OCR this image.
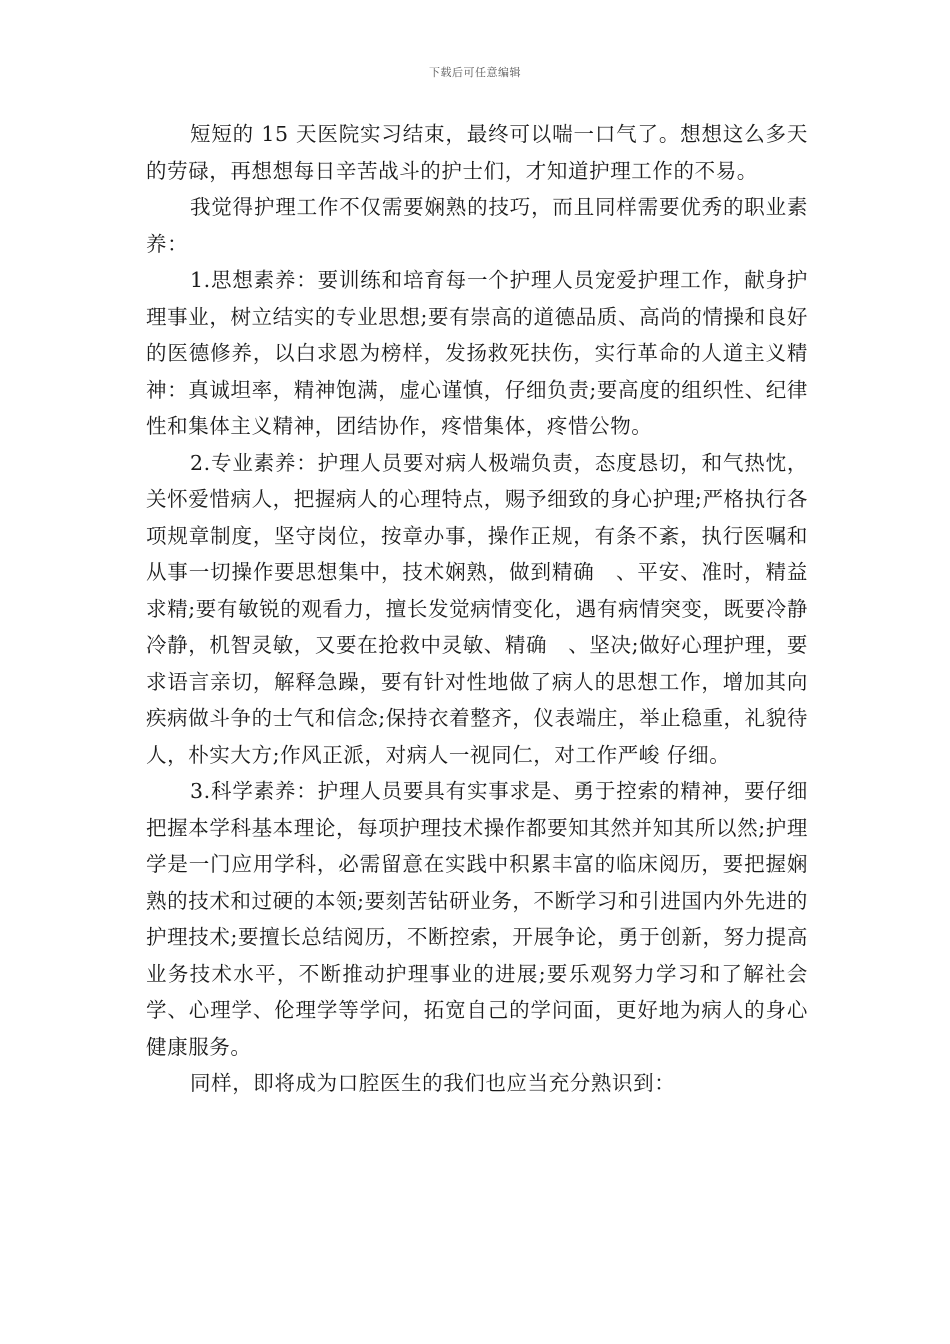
下载后可任意编辑

短短的 15 天医院实习结束，最终可以喘一口气了。想想这么多天的劳碌，再想想每日辛苦战斗的护士们，才知道护理工作的不易。

我觉得护理工作不仅需要娴熟的技巧，而且同样需要优秀的职业素养：

1.思想素养：要训练和培育每一个护理人员宠爱护理工作，献身护理事业，树立结实的专业思想;要有崇高的道德品质、高尚的情操和良好的医德修养，以白求恩为榜样，发扬救死扶伤，实行革命的人道主义精神：真诚坦率，精神饱满，虚心谨慎，仔细负责;要高度的组织性、纪律性和集体主义精神，团结协作，疼惜集体，疼惜公物。

2.专业素养：护理人员要对病人极端负责，态度恳切，和气热忱，关怀爱惜病人，把握病人的心理特点，赐予细致的身心护理;严格执行各项规章制度，坚守岗位，按章办事，操作正规，有条不紊，执行医嘱和从事一切操作要思想集中，技术娴熟，做到精确　、平安、准时，精益求精;要有敏锐的观看力，擅长发觉病情变化，遇有病情突变，既要冷静冷静，机智灵敏，又要在抢救中灵敏、精确　、坚决;做好心理护理，要求语言亲切，解释急躁，要有针对性地做了病人的思想工作，增加其向疾病做斗争的士气和信念;保持衣着整齐，仪表端庄，举止稳重，礼貌待人，朴实大方;作风正派，对病人一视同仁，对工作严峻 仔细。

3.科学素养：护理人员要具有实事求是、勇于控索的精神，要仔细把握本学科基本理论，每项护理技术操作都要知其然并知其所以然;护理学是一门应用学科，必需留意在实践中积累丰富的临床阅历，要把握娴熟的技术和过硬的本领;要刻苦钻研业务，不断学习和引进国内外先进的护理技术;要擅长总结阅历，不断控索，开展争论，勇于创新，努力提高业务技术水平，不断推动护理事业的进展;要乐观努力学习和了解社会学、心理学、伦理学等学问，拓宽自己的学问面，更好地为病人的身心健康服务。

同样，即将成为口腔医生的我们也应当充分熟识到：
